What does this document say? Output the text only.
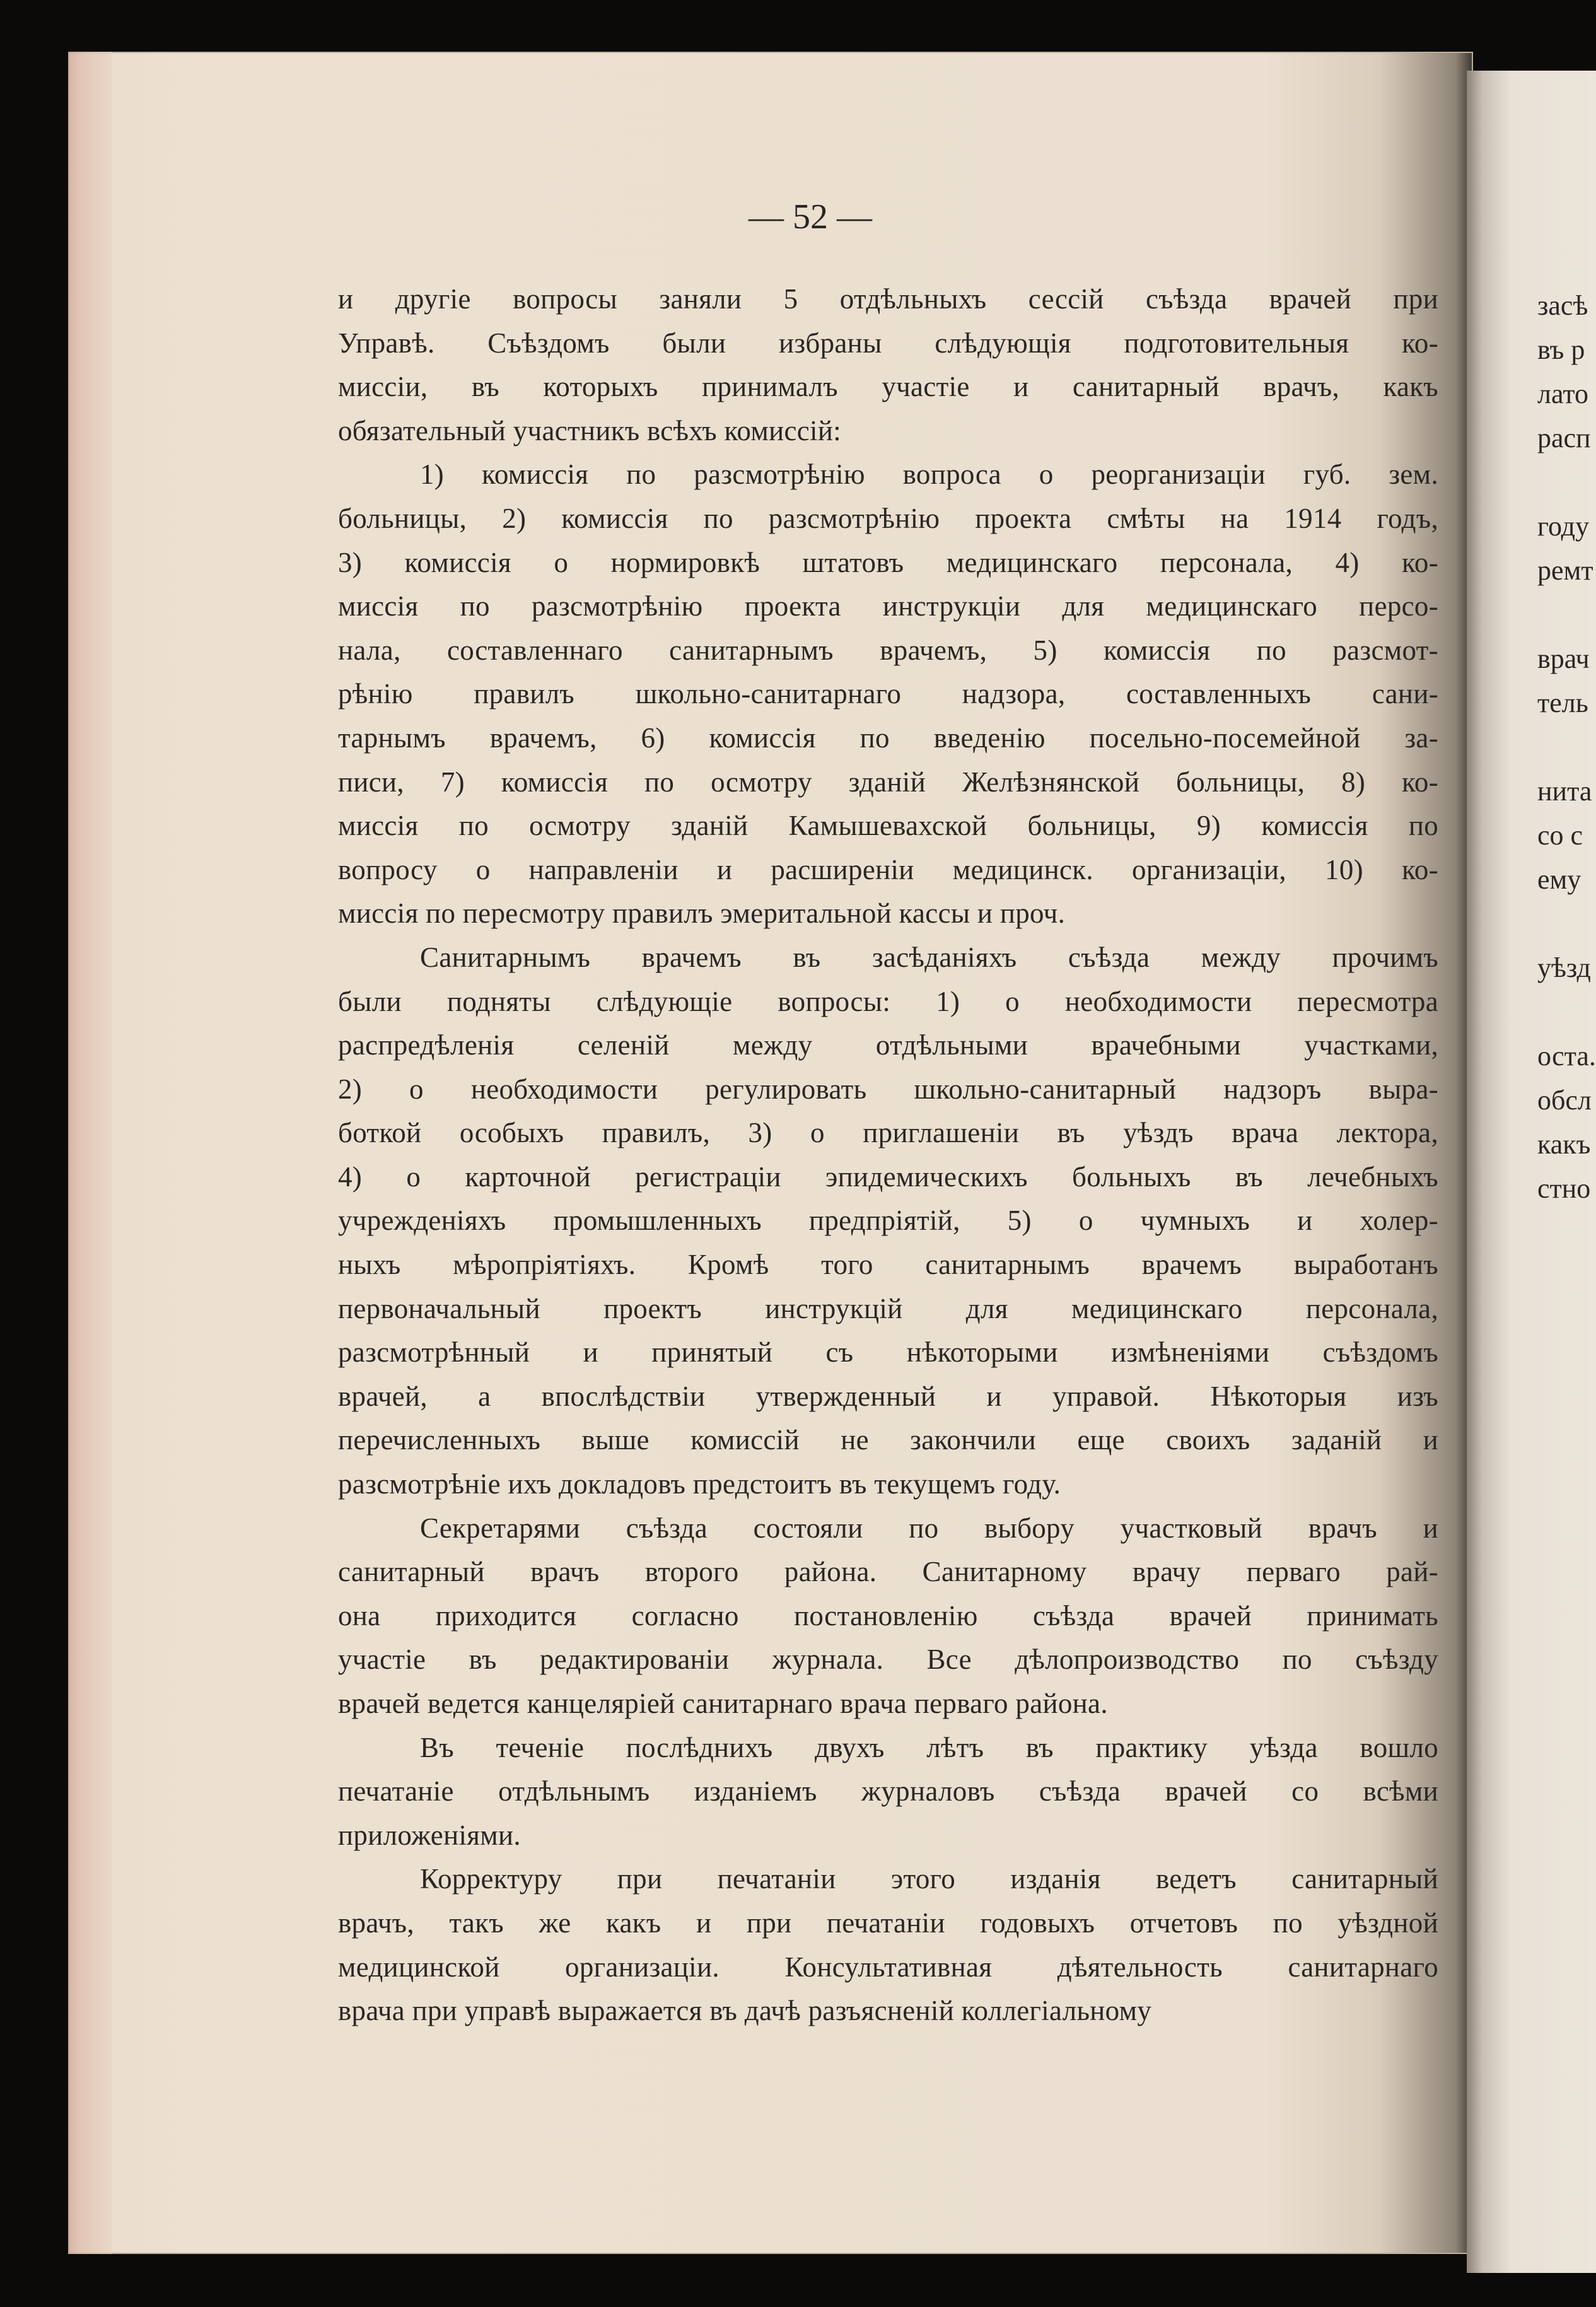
— 52 —
и другіе вопросы заняли 5 отдѣльныхъ сессій съѣзда врачей при
Управѣ. Съѣздомъ были избраны слѣдующія подготовительныя ко-
миссіи, въ которыхъ принималъ участіе и санитарный врачъ, какъ
обязательный участникъ всѣхъ комиссій:
1) комиссія по разсмотрѣнію вопроса о реорганизаціи губ. зем.
больницы, 2) комиссія по разсмотрѣнію проекта смѣты на 1914 годъ,
3) комиссія о нормировкѣ штатовъ медицинскаго персонала, 4) ко-
миссія по разсмотрѣнію проекта инструкціи для медицинскаго персо-
нала, составленнаго санитарнымъ врачемъ, 5) комиссія по разсмот-
рѣнію правилъ школьно-санитарнаго надзора, составленныхъ сани-
тарнымъ врачемъ, 6) комиссія по введенію посельно-посемейной за-
писи, 7) комиссія по осмотру зданій Желѣзнянской больницы, 8) ко-
миссія по осмотру зданій Камышевахской больницы, 9) комиссія по
вопросу о направленіи и расширеніи медицинск. организаціи, 10) ко-
миссія по пересмотру правилъ эмеритальной кассы и проч.
Санитарнымъ врачемъ въ засѣданіяхъ съѣзда между прочимъ
были подняты слѣдующіе вопросы: 1) о необходимости пересмотра
распредѣленія селеній между отдѣльными врачебными участками,
2) о необходимости регулировать школьно-санитарный надзоръ выра-
боткой особыхъ правилъ, 3) о приглашеніи въ уѣздъ врача лектора,
4) о карточной регистраціи эпидемическихъ больныхъ въ лечебныхъ
учрежденіяхъ промышленныхъ предпріятій, 5) о чумныхъ и холер-
ныхъ мѣропріятіяхъ. Кромѣ того санитарнымъ врачемъ выработанъ
первоначальный проектъ инструкцій для медицинскаго персонала,
разсмотрѣнный и принятый съ нѣкоторыми измѣненіями съѣздомъ
врачей, а впослѣдствіи утвержденный и управой. Нѣкоторыя изъ
перечисленныхъ выше комиссій не закончили еще своихъ заданій и
разсмотрѣніе ихъ докладовъ предстоитъ въ текущемъ году.
Секретарями съѣзда состояли по выбору участковый врачъ и
санитарный врачъ второго района. Санитарному врачу перваго рай-
она приходится согласно постановленію съѣзда врачей принимать
участіе въ редактированіи журнала. Все дѣлопроизводство по съѣзду
врачей ведется канцеляріей санитарнаго врача перваго района.
Въ теченіе послѣднихъ двухъ лѣтъ въ практику уѣзда вошло
печатаніе отдѣльнымъ изданіемъ журналовъ съѣзда врачей со всѣми
приложеніями.
Корректуру при печатаніи этого изданія ведетъ санитарный
врачъ, такъ же какъ и при печатаніи годовыхъ отчетовъ по уѣздной
медицинской организаціи. Консультативная дѣятельность санитарнаго
врача при управѣ выражается въ дачѣ разъясненій коллегіальному
засѣ
въ р
лато
расп
году
ремт
врач
тель
нита
со с
ему
уѣзд
оста.
обсл
какъ
стно
